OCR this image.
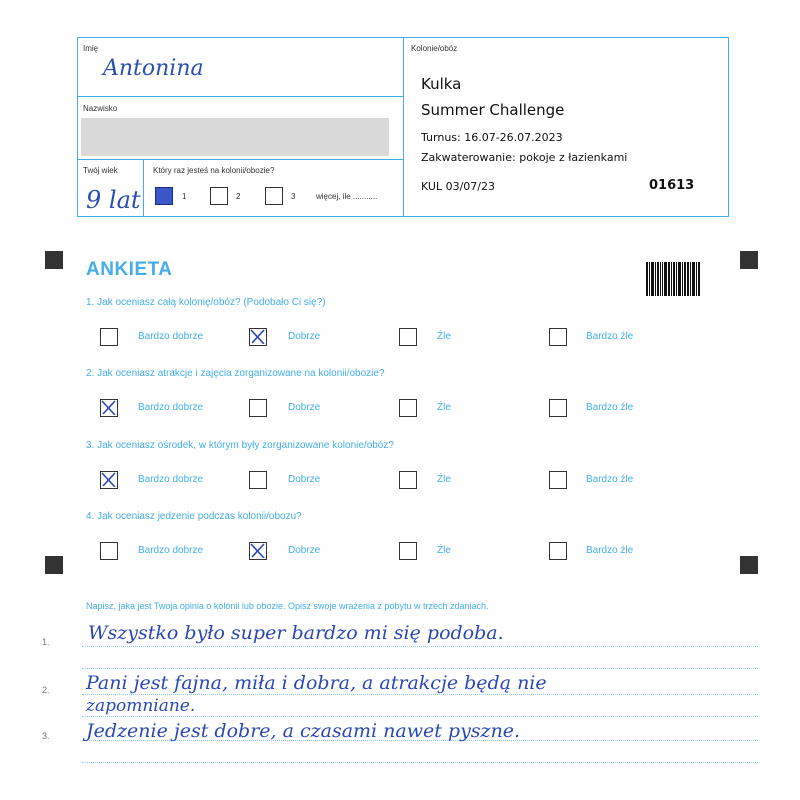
Imię
Antonina
Nazwisko
Twój wiek
9 lat
Który raz jesteś na kolonii/obozie?
1	2	3	więcej, ile ...........
Kolonie/obóz
Kulka
Summer Challenge
Turnus: 16.07-26.07.2023
Zakwaterowanie: pokoje z łazienkami
KUL 03/07/23	01613
ANKIETA
1. Jak oceniasz całą kolonię/obóz? (Podobało Ci się?)
Bardzo dobrze	Dobrze	Źle	Bardzo źle
2. Jak oceniasz atrakcje i zajęcia zorganizowane na kolonii/obozie?
Bardzo dobrze	Dobrze	Źle	Bardzo źle
3. Jak oceniasz ośrodek, w którym były zorganizowane kolonie/obóz?
Bardzo dobrze	Dobrze	Źle	Bardzo źle
4. Jak oceniasz jedzenie podczas kolonii/obozu?
Bardzo dobrze	Dobrze	Źle	Bardzo źle
Napisz, jaka jest Twoja opinia o kolonii lub obozie. Opisz swoje wrażenia z pobytu w trzech zdaniach.
1.
2.
3.
Wszystko było super bardzo mi się podoba.
Pani jest fajna, miła i dobra, a atrakcje będą nie
zapomniane.
Jedzenie jest dobre, a czasami nawet pyszne.
